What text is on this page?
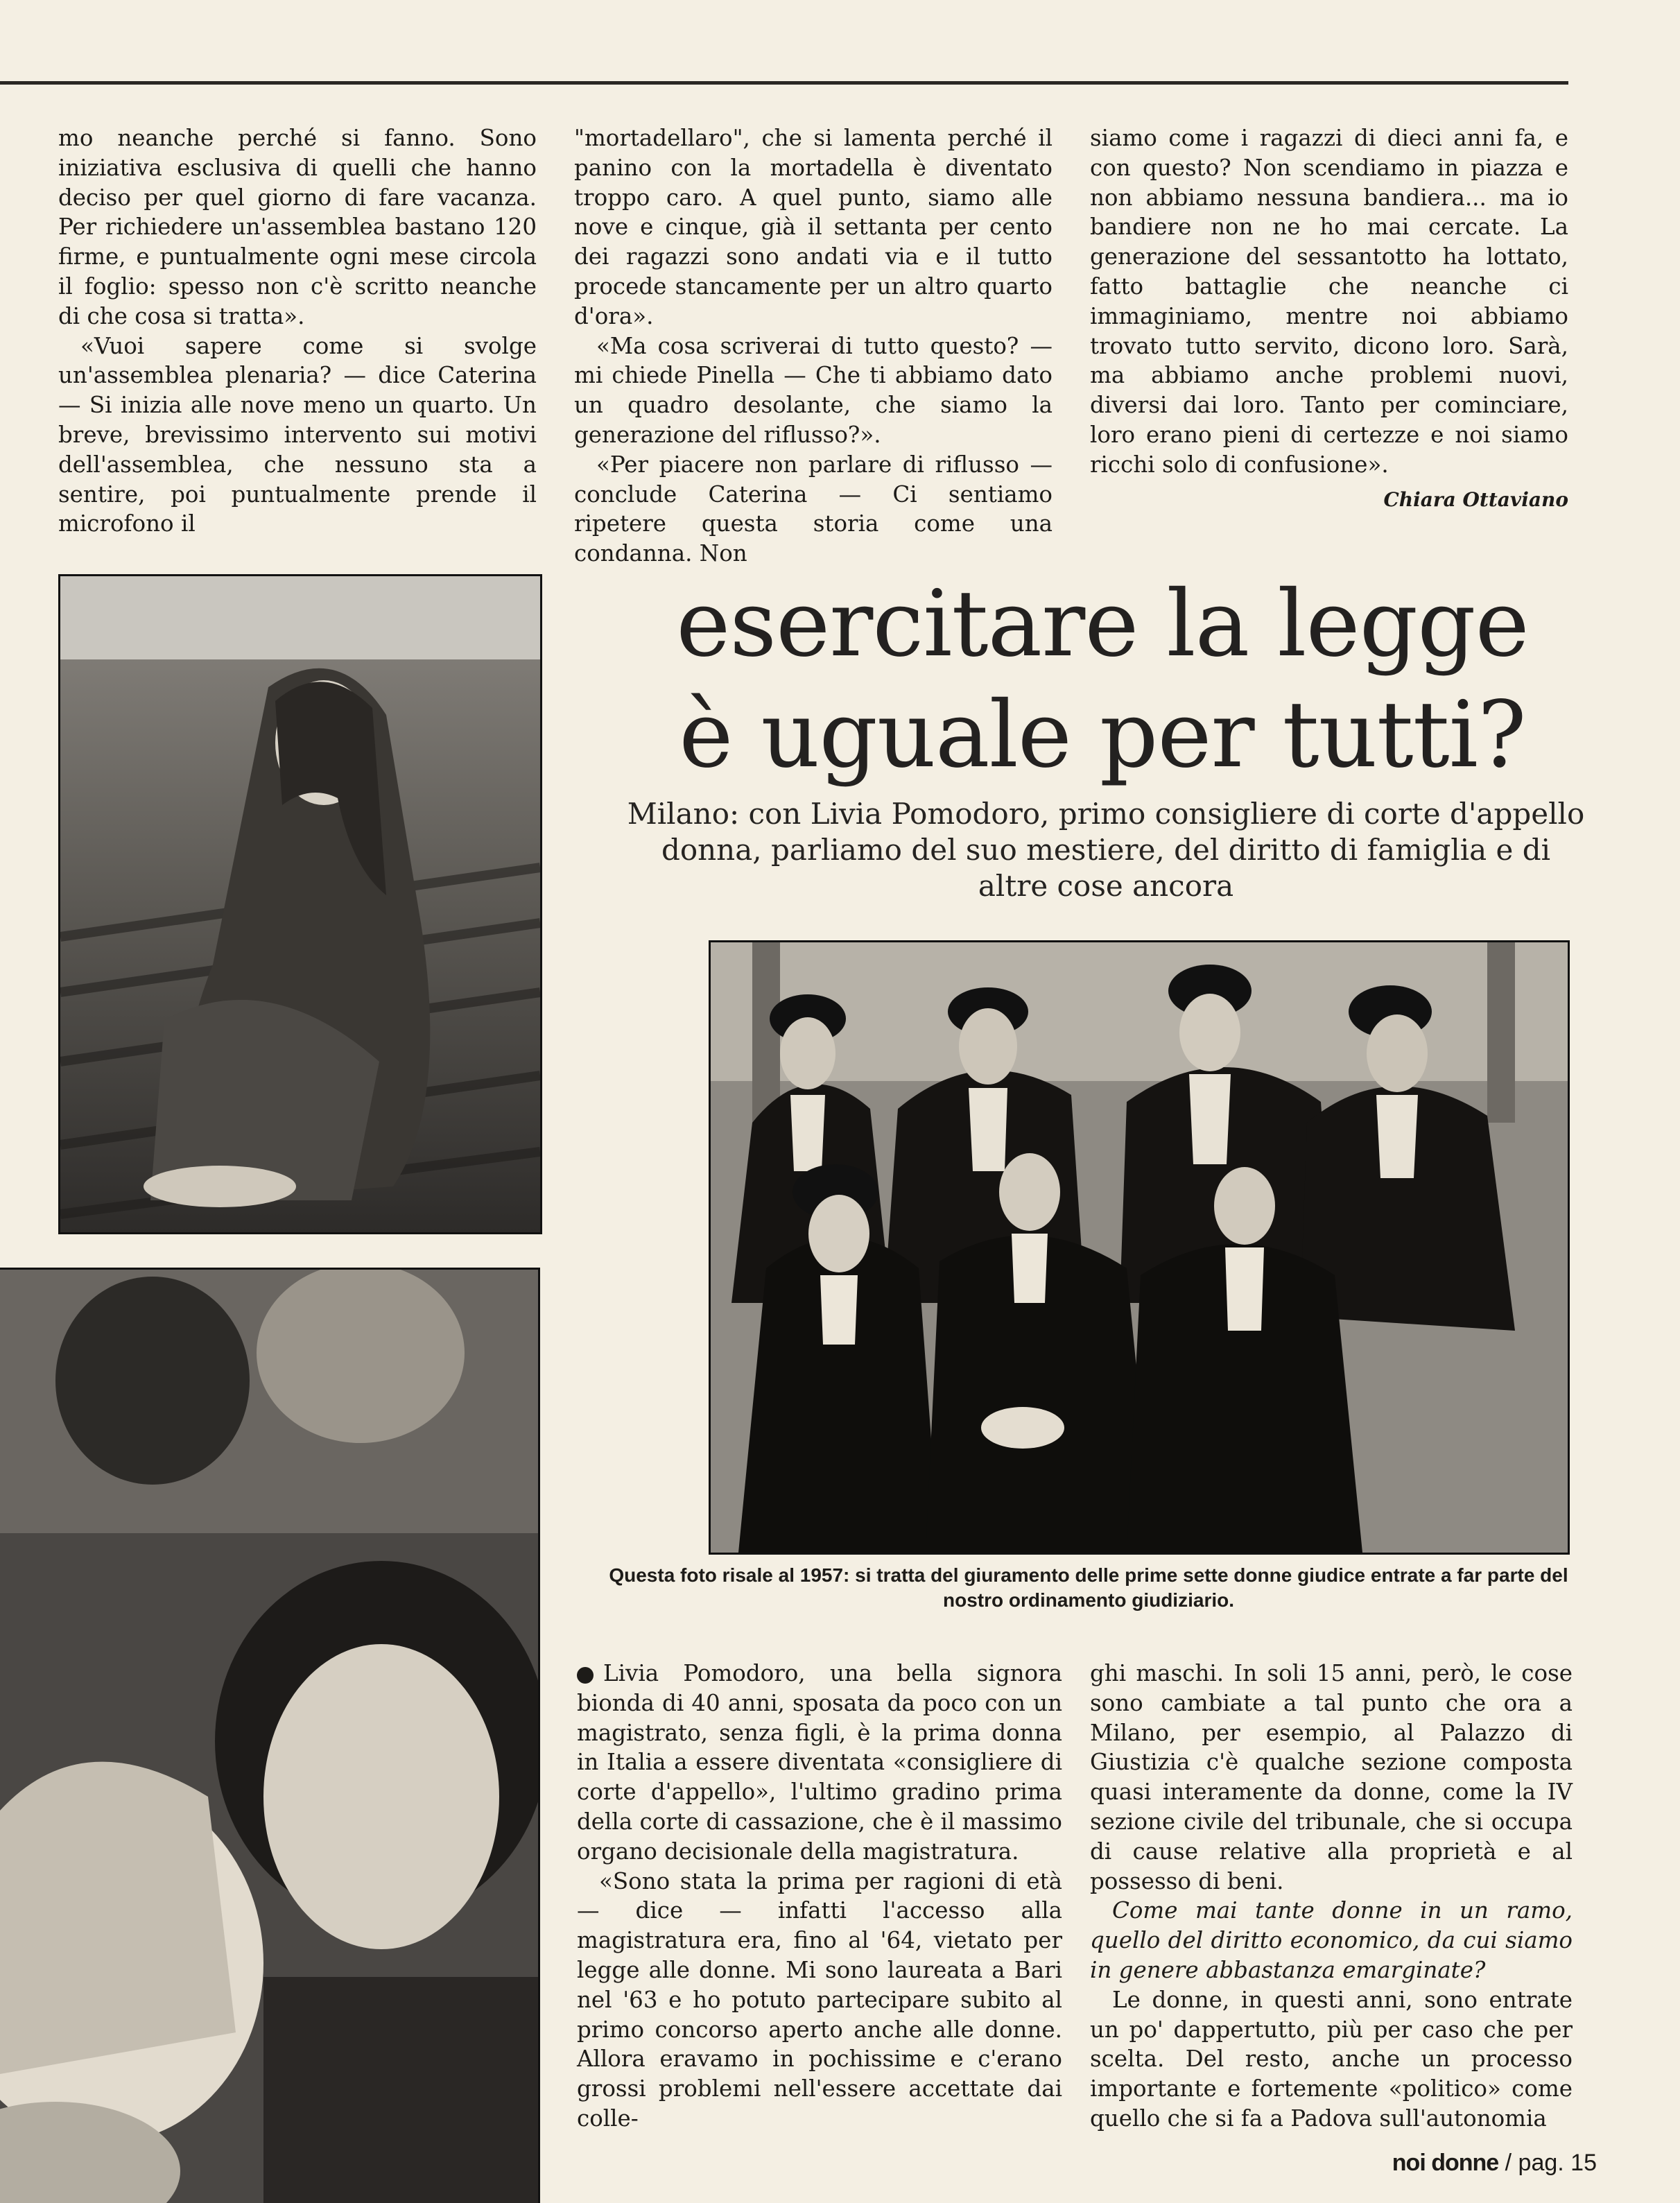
mo neanche perché si fanno. Sono iniziativa esclusiva di quelli che hanno deciso per quel giorno di fare vacanza. Per richiedere un'assemblea bastano 120 firme, e puntualmente ogni mese circola il foglio: spesso non c'è scritto neanche di che cosa si tratta».

«Vuoi sapere come si svolge un'assemblea plenaria? — dice Caterina — Si inizia alle nove meno un quarto. Un breve, brevissimo intervento sui motivi dell'assemblea, che nessuno sta a sentire, poi puntualmente prende il microfono il

"mortadellaro", che si lamenta perché il panino con la mortadella è diventato troppo caro. A quel punto, siamo alle nove e cinque, già il settanta per cento dei ragazzi sono andati via e il tutto procede stancamente per un altro quarto d'ora».

«Ma cosa scriverai di tutto questo? — mi chiede Pinella — Che ti abbiamo dato un quadro desolante, che siamo la generazione del riflusso?».

«Per piacere non parlare di riflusso — conclude Caterina — Ci sentiamo ripetere questa storia come una condanna. Non

siamo come i ragazzi di dieci anni fa, e con questo? Non scendiamo in piazza e non abbiamo nessuna bandiera... ma io bandiere non ne ho mai cercate. La generazione del sessantotto ha lottato, fatto battaglie che neanche ci immaginiamo, mentre noi abbiamo trovato tutto servito, dicono loro. Sarà, ma abbiamo anche problemi nuovi, diversi dai loro. Tanto per cominciare, loro erano pieni di certezze e noi siamo ricchi solo di confusione».

Chiara Ottaviano
esercitare la legge
è uguale per tutti?
Milano: con Livia Pomodoro, primo consigliere di corte d'appello donna, parliamo del suo mestiere, del diritto di famiglia e di altre cose ancora
Questa foto risale al 1957: si tratta del giuramento delle prime sette donne giudice entrate a far parte del nostro ordinamento giudiziario.

Livia Pomodoro, una bella signora bionda di 40 anni, sposata da poco con un magistrato, senza figli, è la prima donna in Italia a essere diventata «consigliere di corte d'appello», l'ultimo gradino prima della corte di cassazione, che è il massimo organo decisionale della magistratura.

«Sono stata la prima per ragioni di età — dice — infatti l'accesso alla magistratura era, fino al '64, vietato per legge alle donne. Mi sono laureata a Bari nel '63 e ho potuto partecipare subito al primo concorso aperto anche alle donne. Allora eravamo in pochissime e c'erano grossi problemi nell'essere accettate dai colle-

ghi maschi. In soli 15 anni, però, le cose sono cambiate a tal punto che ora a Milano, per esempio, al Palazzo di Giustizia c'è qualche sezione composta quasi interamente da donne, come la IV sezione civile del tribunale, che si occupa di cause relative alla proprietà e al possesso di beni.

Come mai tante donne in un ramo, quello del diritto economico, da cui siamo in genere abbastanza emarginate?

Le donne, in questi anni, sono entrate un po' dappertutto, più per caso che per scelta. Del resto, anche un processo importante e fortemente «politico» come quello che si fa a Padova sull'autonomia

noi donne / pag. 15
